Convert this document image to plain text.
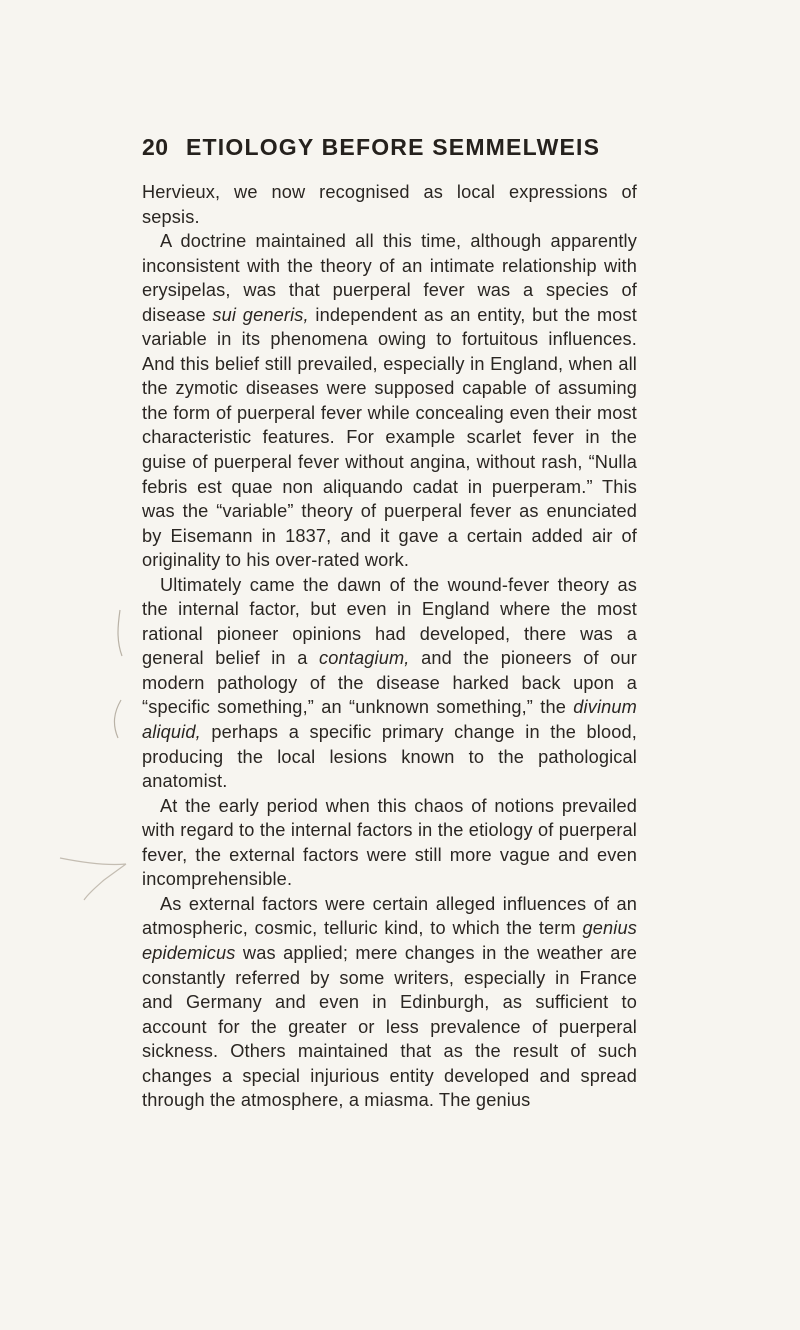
20 ETIOLOGY BEFORE SEMMELWEIS

Hervieux, we now recognised as local expressions of sepsis.

A doctrine maintained all this time, although apparently inconsistent with the theory of an intimate relationship with erysipelas, was that puerperal fever was a species of disease sui generis, independent as an entity, but the most variable in its phenomena owing to fortuitous influences. And this belief still prevailed, especially in England, when all the zymotic diseases were supposed capable of assuming the form of puerperal fever while concealing even their most characteristic features. For example scarlet fever in the guise of puerperal fever without angina, without rash, “Nulla febris est quae non aliquando cadat in puerperam.” This was the “variable” theory of puerperal fever as enunciated by Eisemann in 1837, and it gave a certain added air of originality to his over-rated work.

Ultimately came the dawn of the wound-fever theory as the internal factor, but even in England where the most rational pioneer opinions had developed, there was a general belief in a contagium, and the pioneers of our modern pathology of the disease harked back upon a “specific something,” an “unknown something,” the divinum aliquid, perhaps a specific primary change in the blood, producing the local lesions known to the pathological anatomist.

At the early period when this chaos of notions prevailed with regard to the internal factors in the etiology of puerperal fever, the external factors were still more vague and even incomprehensible.

As external factors were certain alleged influences of an atmospheric, cosmic, telluric kind, to which the term genius epidemicus was applied; mere changes in the weather are constantly referred by some writers, especially in France and Germany and even in Edinburgh, as sufficient to account for the greater or less prevalence of puerperal sickness. Others maintained that as the result of such changes a special injurious entity developed and spread through the atmosphere, a miasma. The genius
